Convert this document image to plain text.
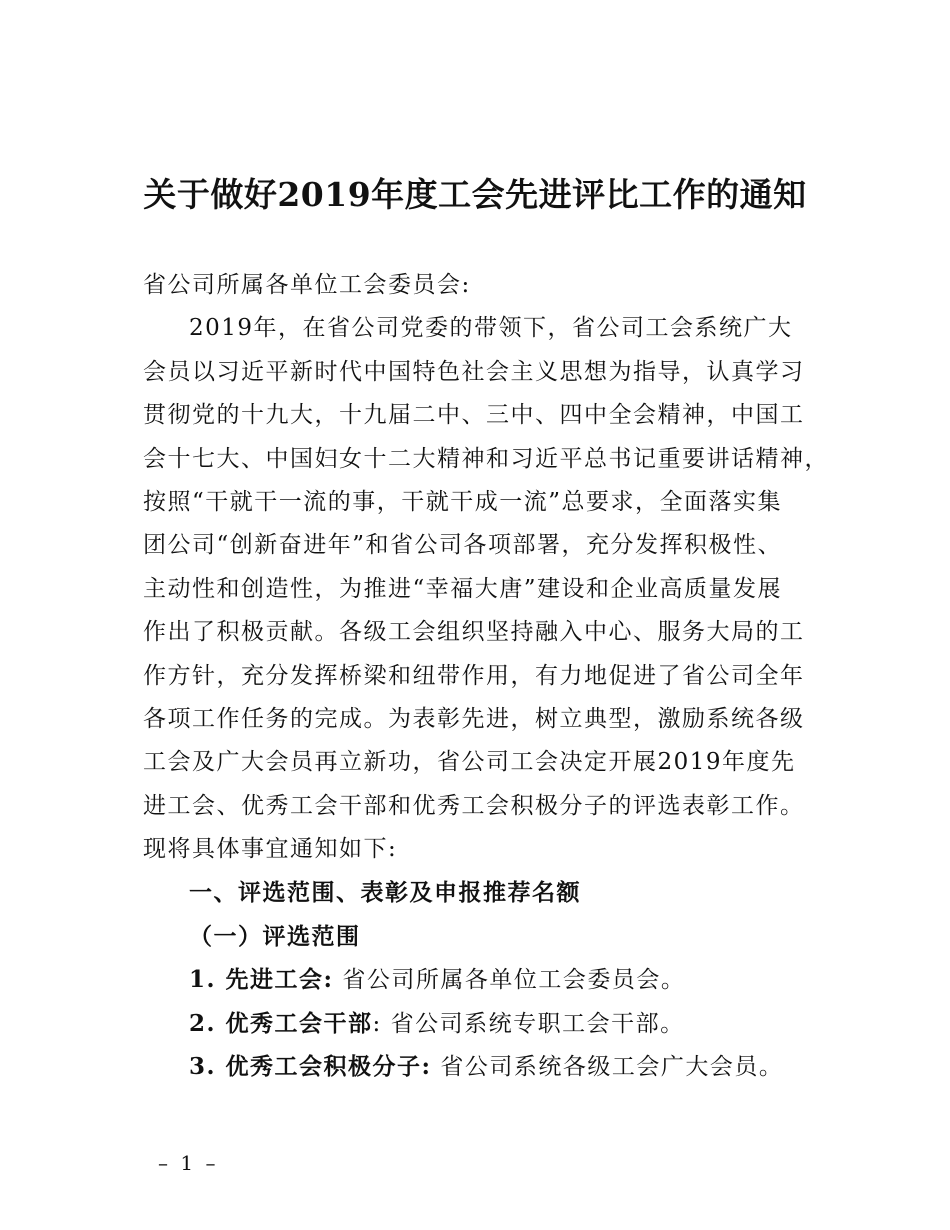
关于做好2019年度工会先进评比工作的通知
省公司所属各单位工会委员会:
2019年，在省公司党委的带领下，省公司工会系统广大
会员以习近平新时代中国特色社会主义思想为指导，认真学习
贯彻党的十九大，十九届二中、三中、四中全会精神，中国工
会十七大、中国妇女十二大精神和习近平总书记重要讲话精神，
按照“干就干一流的事，干就干成一流”总要求，全面落实集
团公司“创新奋进年”和省公司各项部署，充分发挥积极性、
主动性和创造性，为推进“幸福大唐”建设和企业高质量发展
作出了积极贡献。各级工会组织坚持融入中心、服务大局的工
作方针，充分发挥桥梁和纽带作用，有力地促进了省公司全年
各项工作任务的完成。为表彰先进，树立典型，激励系统各级
工会及广大会员再立新功，省公司工会决定开展2019年度先
进工会、优秀工会干部和优秀工会积极分子的评选表彰工作。
现将具体事宜通知如下:
一、评选范围、表彰及申报推荐名额
（一）评选范围
1. 先进工会: 省公司所属各单位工会委员会。
2. 优秀工会干部: 省公司系统专职工会干部。
3. 优秀工会积极分子: 省公司系统各级工会广大会员。
– 1 –
